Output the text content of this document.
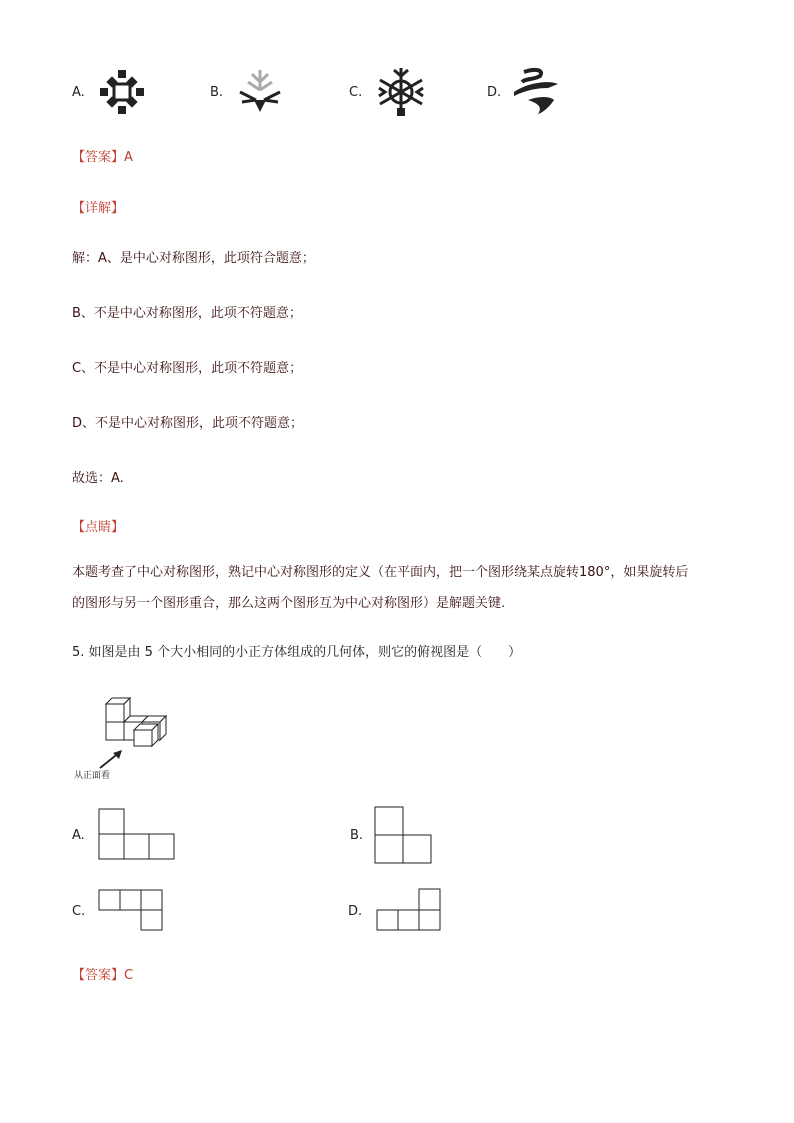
A.	B.	C.	D.
【答案】A
【详解】
解：A、是中心对称图形，此项符合题意；
B、不是中心对称图形，此项不符题意；
C、不是中心对称图形，此项不符题意；
D、不是中心对称图形，此项不符题意；
故选：A.
【点睛】
本题考查了中心对称图形，熟记中心对称图形的定义（在平面内，把一个图形绕某点旋转180°，如果旋转后
的图形与另一个图形重合，那么这两个图形互为中心对称图形）是解题关键.
5. 如图是由 5 个大小相同的小正方体组成的几何体，则它的俯视图是（　　）
从正面看
A.	B.
C.	D.
【答案】C
